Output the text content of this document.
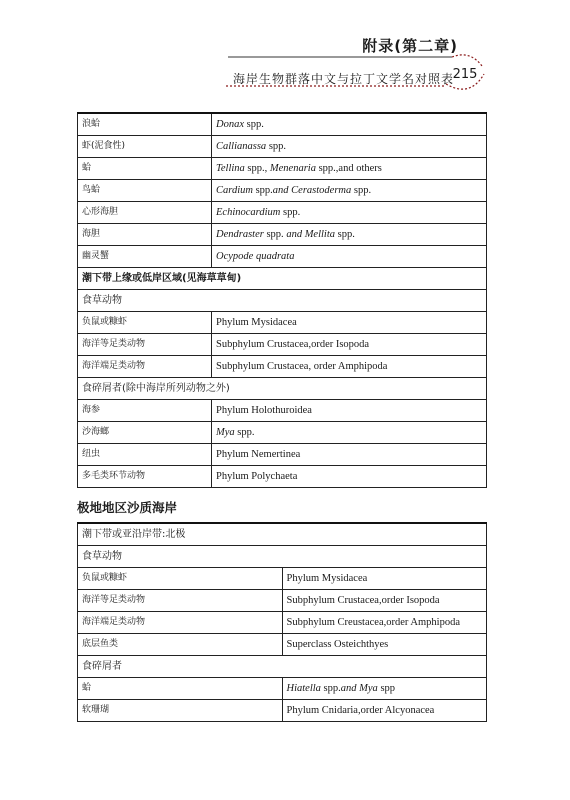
附录(第二章)
海岸生物群落中文与拉丁文学名对照表
215
浪蛤	Donax spp.
虾(泥食性)	Callianassa spp.
蛤	Tellina spp., Menenaria spp.,and others
鸟蛤	Cardium spp.and Cerastoderma spp.
心形海胆	Echinocardium spp.
海胆	Dendraster spp. and Mellita spp.
幽灵蟹	Ocypode quadrata
潮下带上缘或低岸区域(见海草草甸)	
食草动物	
负鼠或糠虾	Phylum Mysidacea
海洋等足类动物	Subphylum Crustacea,order Isopoda
海洋端足类动物	Subphylum Crustacea, order Amphipoda
食碎屑者(除中海岸所列动物之外)	
海参	Phylum Holothuroidea
沙海螂	Mya spp.
纽虫	Phylum Nemertinea
多毛类环节动物	Phylum Polychaeta
极地地区沙质海岸
潮下带或亚沿岸带:北极	
食草动物	
负鼠或糠虾	Phylum Mysidacea
海洋等足类动物	Subphylum Crustacea,order Isopoda
海洋端足类动物	Subphylum Creustacea,order Amphipoda
底层鱼类	Superclass Osteichthyes
食碎屑者	
蛤	Hiatella spp.and Mya spp
软珊瑚	Phylum Cnidaria,order Alcyonacea
